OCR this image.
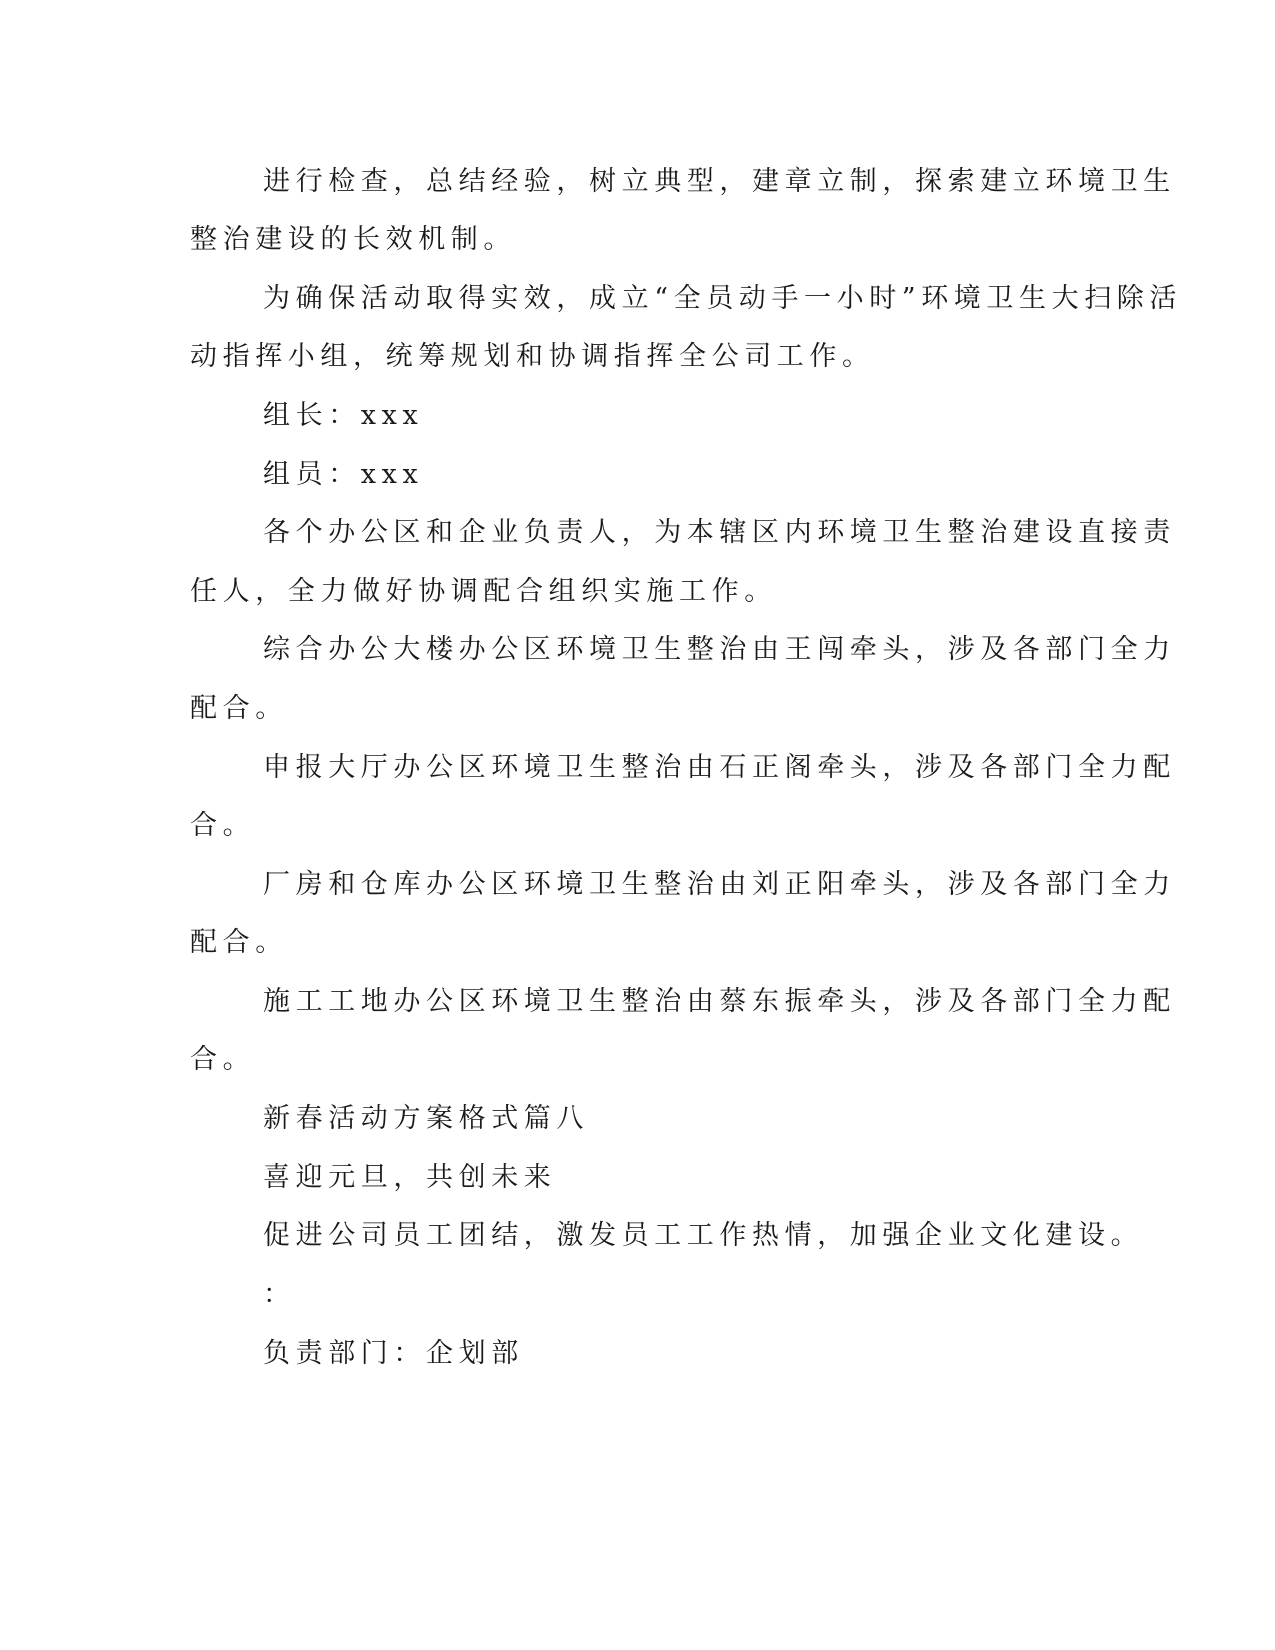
进行检查，总结经验，树立典型，建章立制，探索建立环境卫生
整治建设的长效机制。
为确保活动取得实效，成立“全员动手一小时”环境卫生大扫除活
动指挥小组，统筹规划和协调指挥全公司工作。
组长：xxx
组员：xxx
各个办公区和企业负责人，为本辖区内环境卫生整治建设直接责
任人，全力做好协调配合组织实施工作。
综合办公大楼办公区环境卫生整治由王闯牵头，涉及各部门全力
配合。
申报大厅办公区环境卫生整治由石正阁牵头，涉及各部门全力配
合。
厂房和仓库办公区环境卫生整治由刘正阳牵头，涉及各部门全力
配合。
施工工地办公区环境卫生整治由蔡东振牵头，涉及各部门全力配
合。
新春活动方案格式篇八
喜迎元旦，共创未来
促进公司员工团结，激发员工工作热情，加强企业文化建设。
：
负责部门：企划部
